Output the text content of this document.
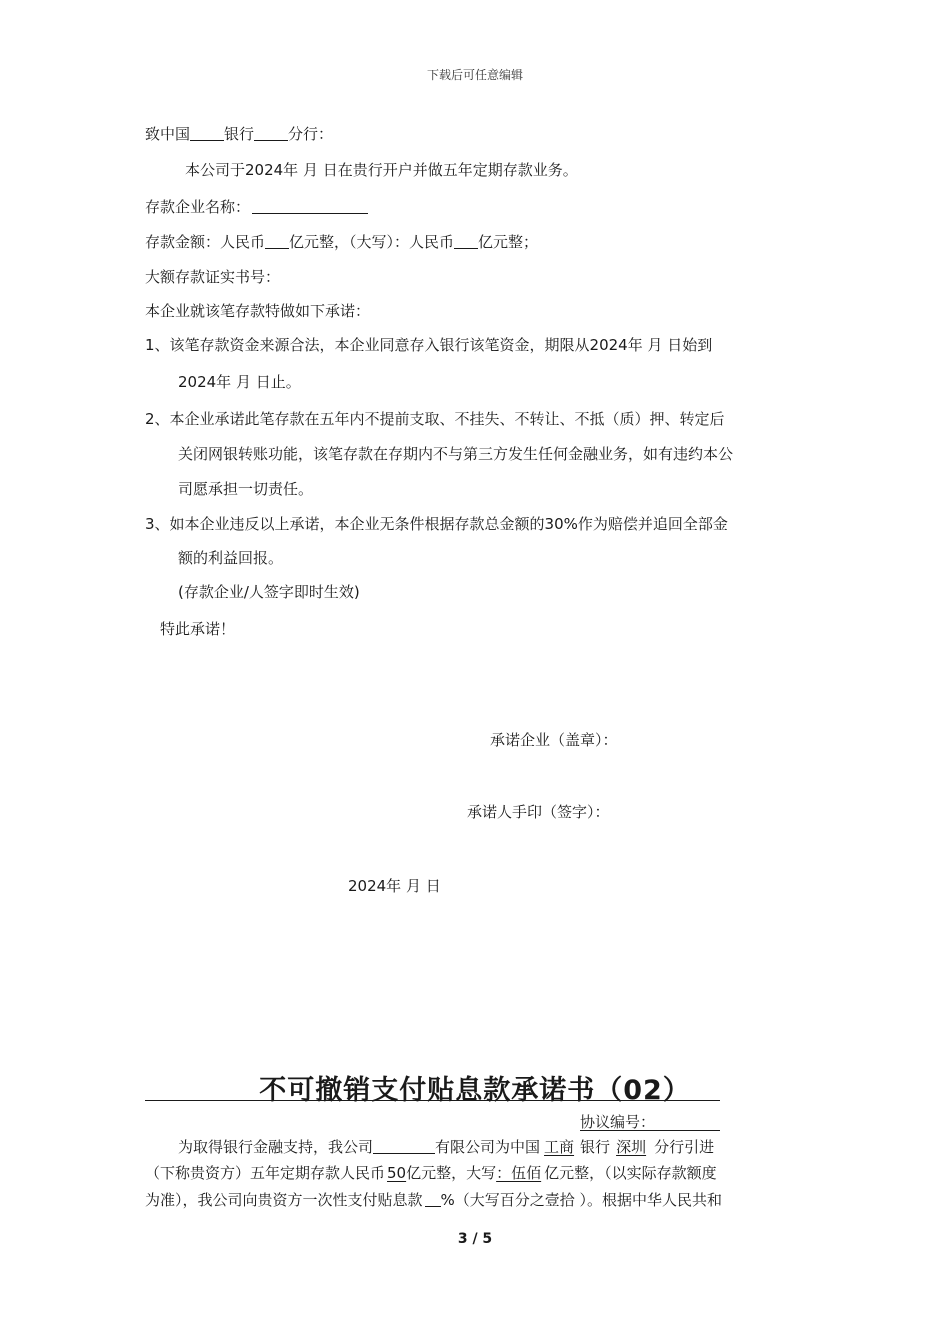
下载后可任意编辑
致中国 银行 分行：
本公司于2024年 月 日在贵行开户并做五年定期存款业务。
存款企业名称：
存款金额：人民币 亿元整，（大写）：人民币 亿元整；
大额存款证实书号：
本企业就该笔存款特做如下承诺：
1、该笔存款资金来源合法，本企业同意存入银行该笔资金，期限从2024年 月 日始到
2024年 月 日止。
2、本企业承诺此笔存款在五年内不提前支取、不挂失、不转让、不抵（质）押、转定后
关闭网银转账功能，该笔存款在存期内不与第三方发生任何金融业务，如有违约本公
司愿承担一切责任。
3、如本企业违反以上承诺，本企业无条件根据存款总金额的30%作为赔偿并追回全部金
额的利益回报。
(存款企业/人签字即时生效)
特此承诺！
承诺企业（盖章）：
承诺人手印（签字）：
2024年 月 日
不可撤销支付贴息款承诺书（02）
协议编号：
为取得银行金融支持，我公司	有限公司为中国 工商 银行 深圳 分行引进
（下称贵资方）五年定期存款人民币 50亿元整，大写：伍佰 亿元整，（以实际存款额度
为准），我公司向贵资方一次性支付贴息款 %（大写百分之壹拾 ）。根据中华人民共和
3 / 5
